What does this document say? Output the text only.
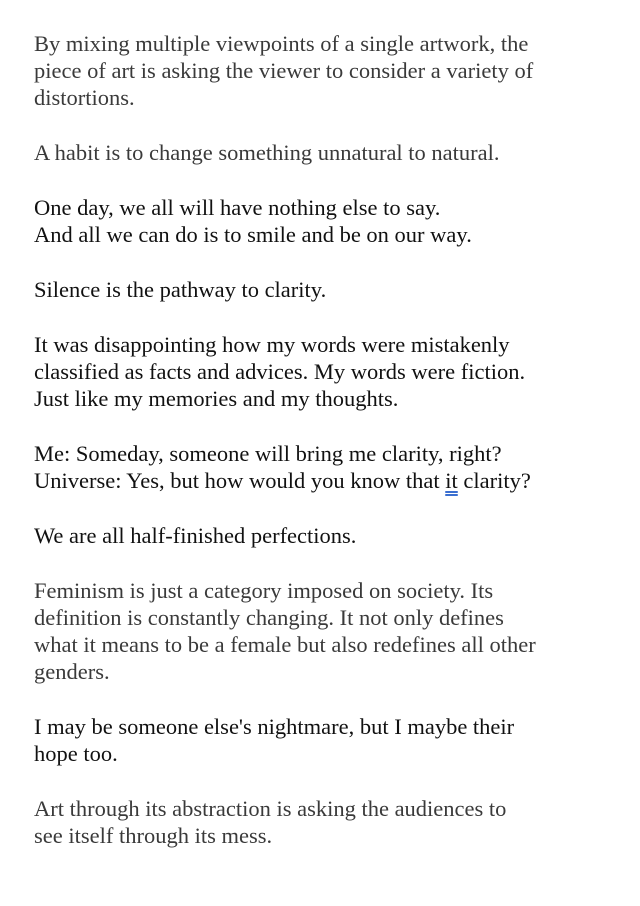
By mixing multiple viewpoints of a single artwork, the
piece of art is asking the viewer to consider a variety of
distortions.

A habit is to change something unnatural to natural.

One day, we all will have nothing else to say.
And all we can do is to smile and be on our way.

Silence is the pathway to clarity.

It was disappointing how my words were mistakenly
classified as facts and advices. My words were fiction.
Just like my memories and my thoughts.

Me: Someday, someone will bring me clarity, right?
Universe: Yes, but how would you know that it clarity?

We are all half-finished perfections.

Feminism is just a category imposed on society. Its
definition is constantly changing. It not only defines
what it means to be a female but also redefines all other
genders.

I may be someone else's nightmare, but I maybe their
hope too.

Art through its abstraction is asking the audiences to
see itself through its mess.
